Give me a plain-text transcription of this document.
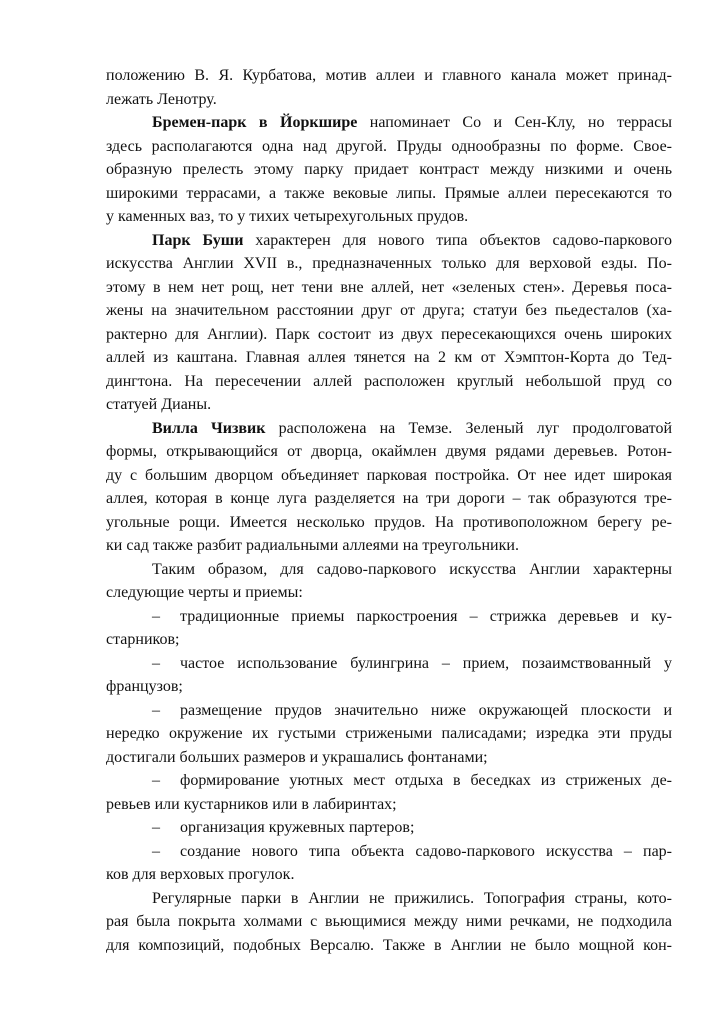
положению В. Я. Курбатова, мотив аллеи и главного канала может принад-
лежать Ленотру.
Бремен-парк в Йоркшире напоминает Со и Сен-Клу, но террасы
здесь располагаются одна над другой. Пруды однообразны по форме. Свое-
образную прелесть этому парку придает контраст между низкими и очень
широкими террасами, а также вековые липы. Прямые аллеи пересекаются то
у каменных ваз, то у тихих четырехугольных прудов.
Парк Буши характерен для нового типа объектов садово-паркового
искусства Англии XVII в., предназначенных только для верховой езды. По-
этому в нем нет рощ, нет тени вне аллей, нет «зеленых стен». Деревья поса-
жены на значительном расстоянии друг от друга; статуи без пьедесталов (ха-
рактерно для Англии). Парк состоит из двух пересекающихся очень широких
аллей из каштана. Главная аллея тянется на 2 км от Хэмптон-Корта до Тед-
дингтона. На пересечении аллей расположен круглый небольшой пруд со
статуей Дианы.
Вилла Чизвик расположена на Темзе. Зеленый луг продолговатой
формы, открывающийся от дворца, окаймлен двумя рядами деревьев. Ротон-
ду с большим дворцом объединяет парковая постройка. От нее идет широкая
аллея, которая в конце луга разделяется на три дороги – так образуются тре-
угольные рощи. Имеется несколько прудов. На противоположном берегу ре-
ки сад также разбит радиальными аллеями на треугольники.
Таким образом, для садово-паркового искусства Англии характерны
следующие черты и приемы:
– традиционные приемы паркостроения – стрижка деревьев и ку-
старников;
– частое использование булингрина – прием, позаимствованный у
французов;
– размещение прудов значительно ниже окружающей плоскости и
нередко окружение их густыми стрижеными палисадами; изредка эти пруды
достигали больших размеров и украшались фонтанами;
– формирование уютных мест отдыха в беседках из стриженых де-
ревьев или кустарников или в лабиринтах;
– организация кружевных партеров;
– создание нового типа объекта садово-паркового искусства – пар-
ков для верховых прогулок.
Регулярные парки в Англии не прижились. Топография страны, кото-
рая была покрыта холмами с вьющимися между ними речками, не подходила
для композиций, подобных Версалю. Также в Англии не было мощной кон-
